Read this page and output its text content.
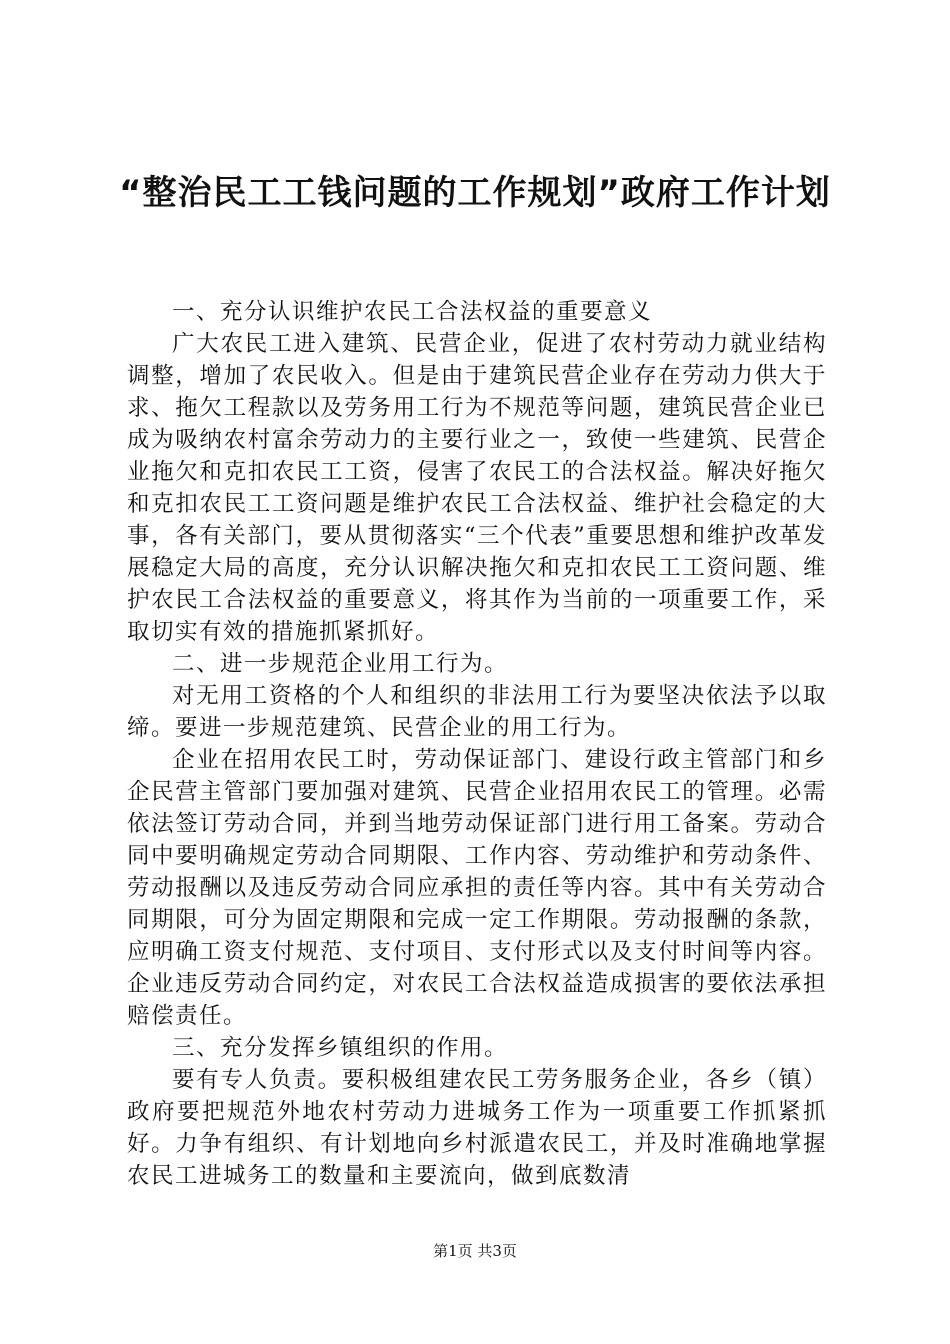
“整治民工工钱问题的工作规划”政府工作计划

一、充分认识维护农民工合法权益的重要意义

广大农民工进入建筑、民营企业，促进了农村劳动力就业结构调整，增加了农民收入。但是由于建筑民营企业存在劳动力供大于求、拖欠工程款以及劳务用工行为不规范等问题，建筑民营企业已成为吸纳农村富余劳动力的主要行业之一，致使一些建筑、民营企业拖欠和克扣农民工工资，侵害了农民工的合法权益。解决好拖欠和克扣农民工工资问题是维护农民工合法权益、维护社会稳定的大事，各有关部门，要从贯彻落实“三个代表”重要思想和维护改革发展稳定大局的高度，充分认识解决拖欠和克扣农民工工资问题、维护农民工合法权益的重要意义，将其作为当前的一项重要工作，采取切实有效的措施抓紧抓好。

二、进一步规范企业用工行为。

对无用工资格的个人和组织的非法用工行为要坚决依法予以取缔。要进一步规范建筑、民营企业的用工行为。

企业在招用农民工时，劳动保证部门、建设行政主管部门和乡企民营主管部门要加强对建筑、民营企业招用农民工的管理。必需依法签订劳动合同，并到当地劳动保证部门进行用工备案。劳动合同中要明确规定劳动合同期限、工作内容、劳动维护和劳动条件、劳动报酬以及违反劳动合同应承担的责任等内容。其中有关劳动合同期限，可分为固定期限和完成一定工作期限。劳动报酬的条款，应明确工资支付规范、支付项目、支付形式以及支付时间等内容。企业违反劳动合同约定，对农民工合法权益造成损害的要依法承担赔偿责任。

三、充分发挥乡镇组织的作用。

要有专人负责。要积极组建农民工劳务服务企业，各乡（镇）政府要把规范外地农村劳动力进城务工作为一项重要工作抓紧抓好。力争有组织、有计划地向乡村派遣农民工，并及时准确地掌握农民工进城务工的数量和主要流向，做到底数清

第1页 共3页
